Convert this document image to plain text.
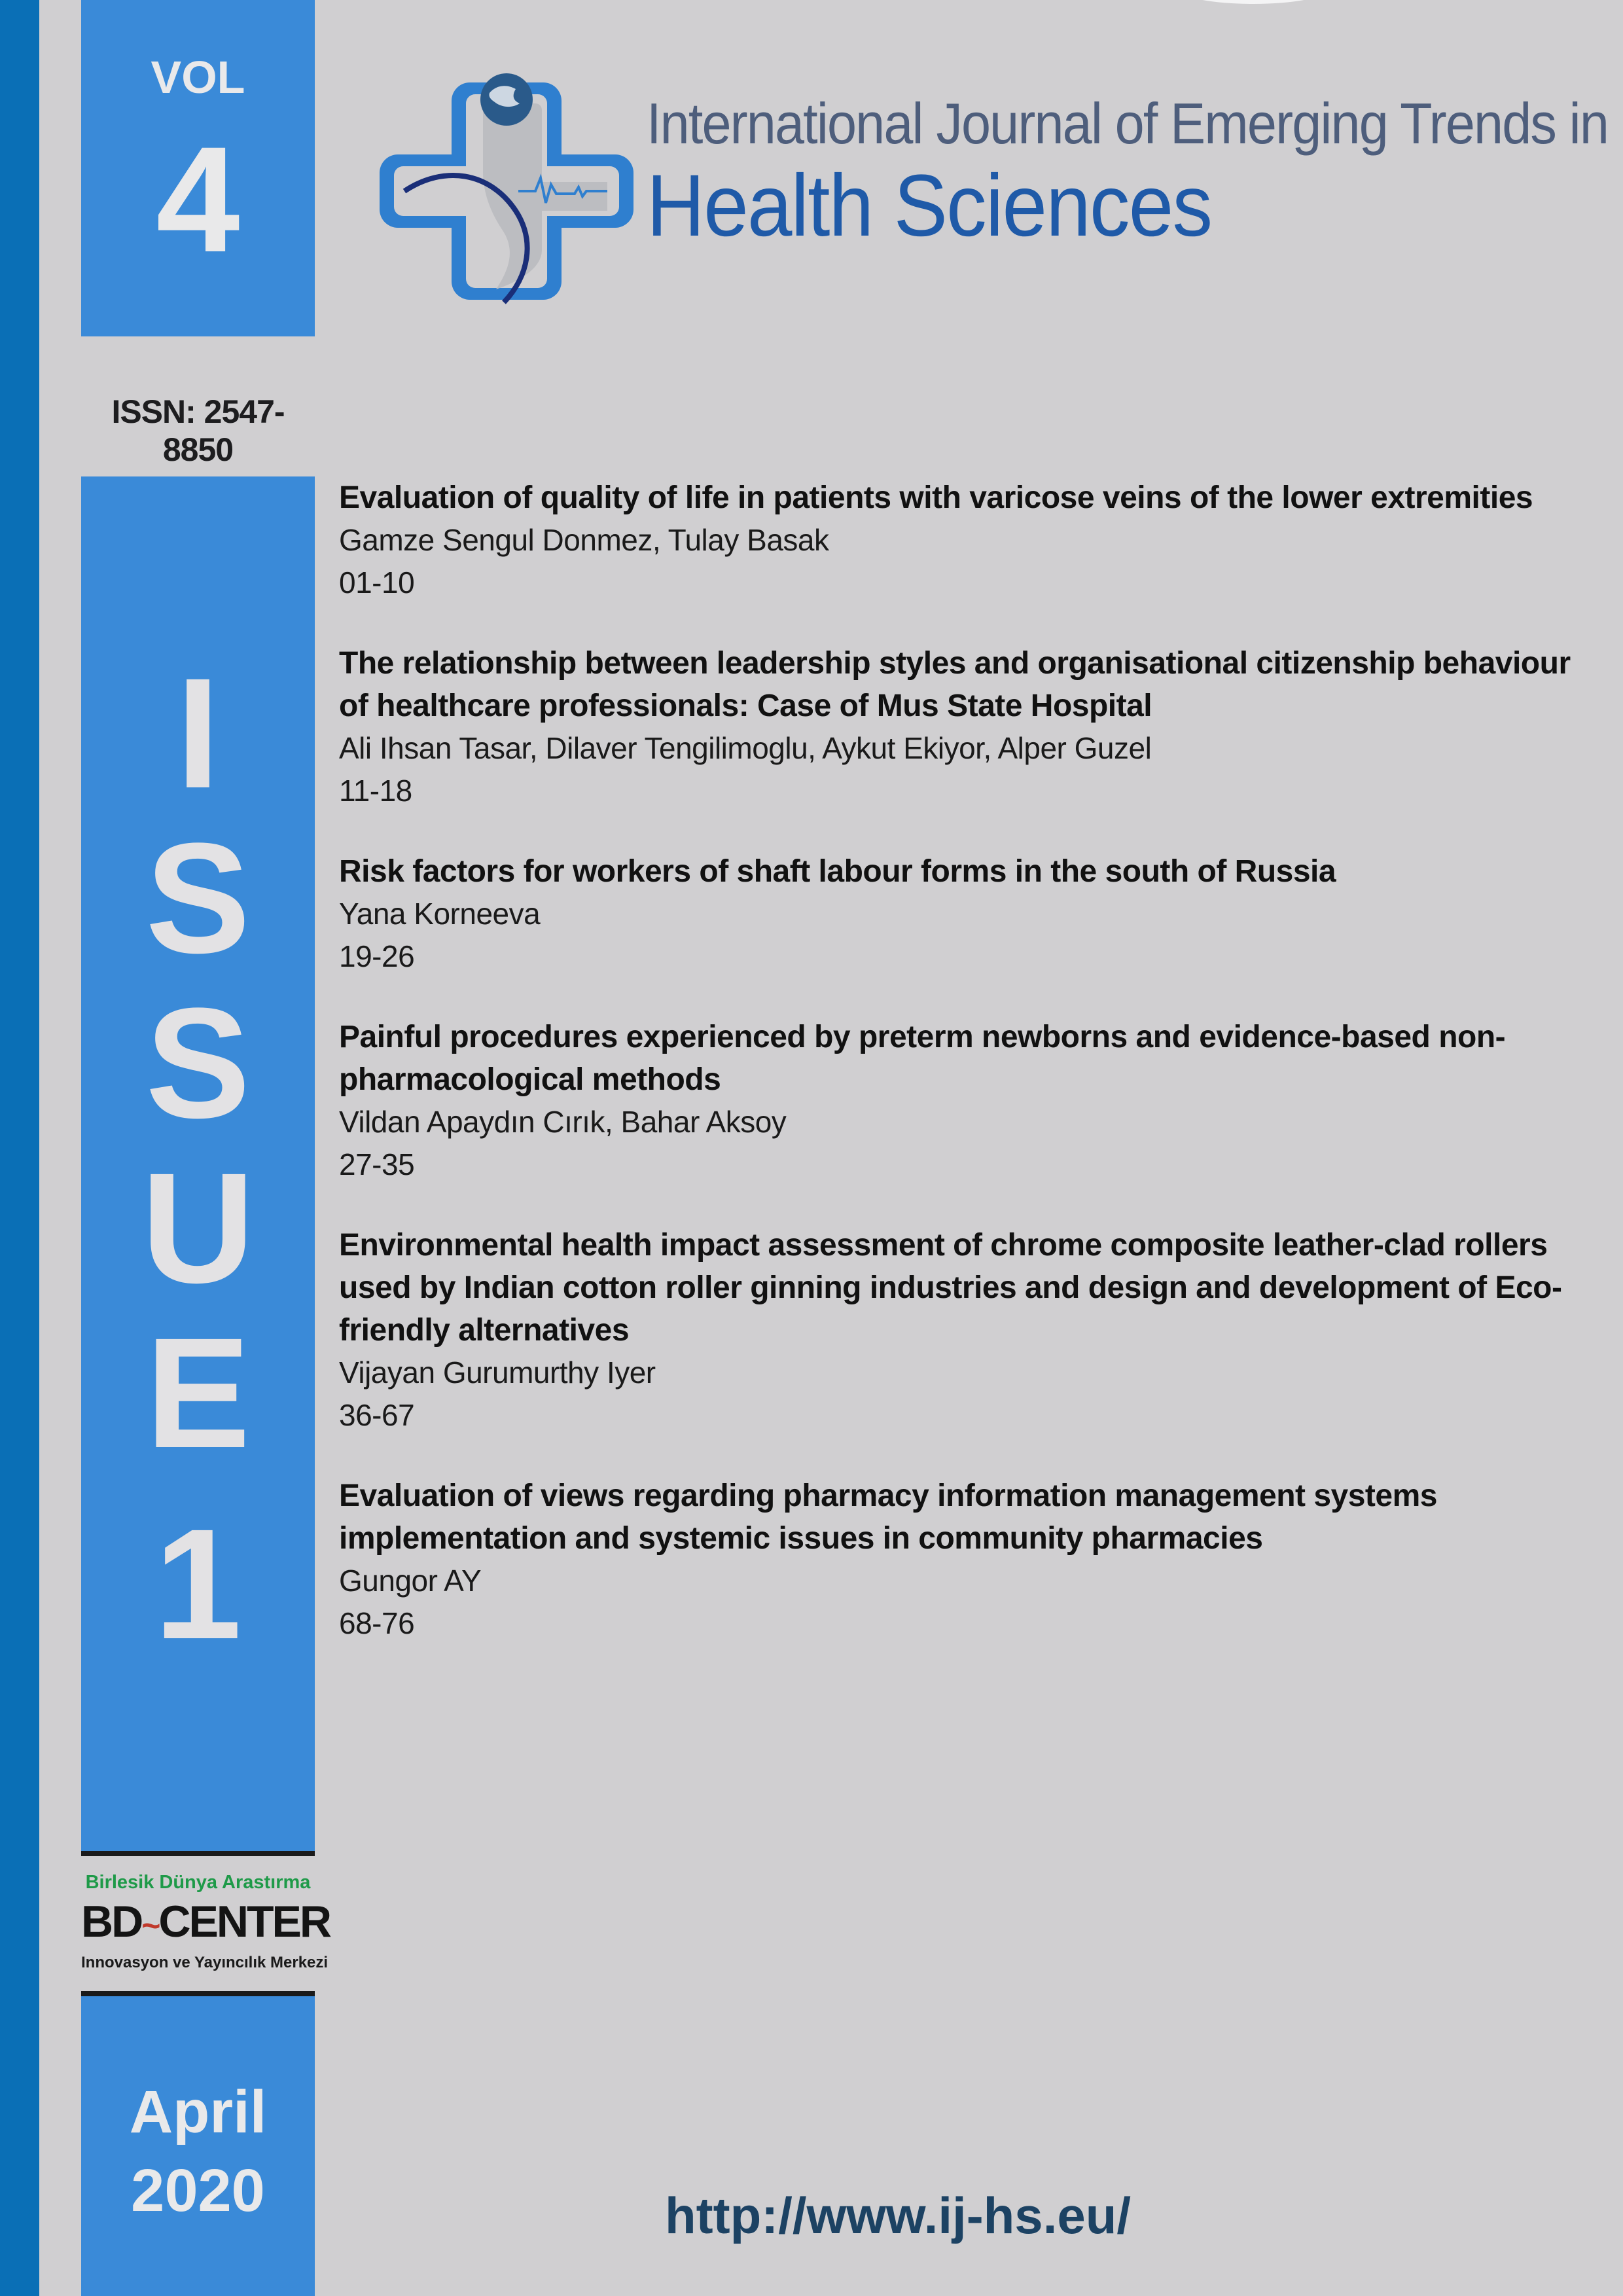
VOL
4
ISSN: 2547-8850
I
S
S
U
E
1
Birlesik Dünya Arastırma
BD~CENTER
Innovasyon ve Yayıncılık Merkezi
April
2020
International Journal of Emerging Trends in
Health Sciences
Evaluation of quality of life in patients with varicose veins of the lower extremities
Gamze Sengul Donmez, Tulay Basak
01-10
The relationship between leadership styles and organisational citizenship behaviour of healthcare professionals: Case of Mus State Hospital
Ali Ihsan Tasar, Dilaver Tengilimoglu, Aykut Ekiyor, Alper Guzel
11-18
Risk factors for workers of shaft labour forms in the south of Russia
Yana Korneeva
19-26
Painful procedures experienced by preterm newborns and evidence-based non-pharmacological methods
Vildan Apaydın Cırık, Bahar Aksoy
27-35
Environmental health impact assessment of chrome composite leather-clad rollers used by Indian cotton roller ginning industries and design and development of Eco-friendly alternatives
Vijayan Gurumurthy Iyer
36-67
Evaluation of views regarding pharmacy information management systems implementation and systemic issues in community pharmacies
Gungor AY
68-76
http://www.ij-hs.eu/
